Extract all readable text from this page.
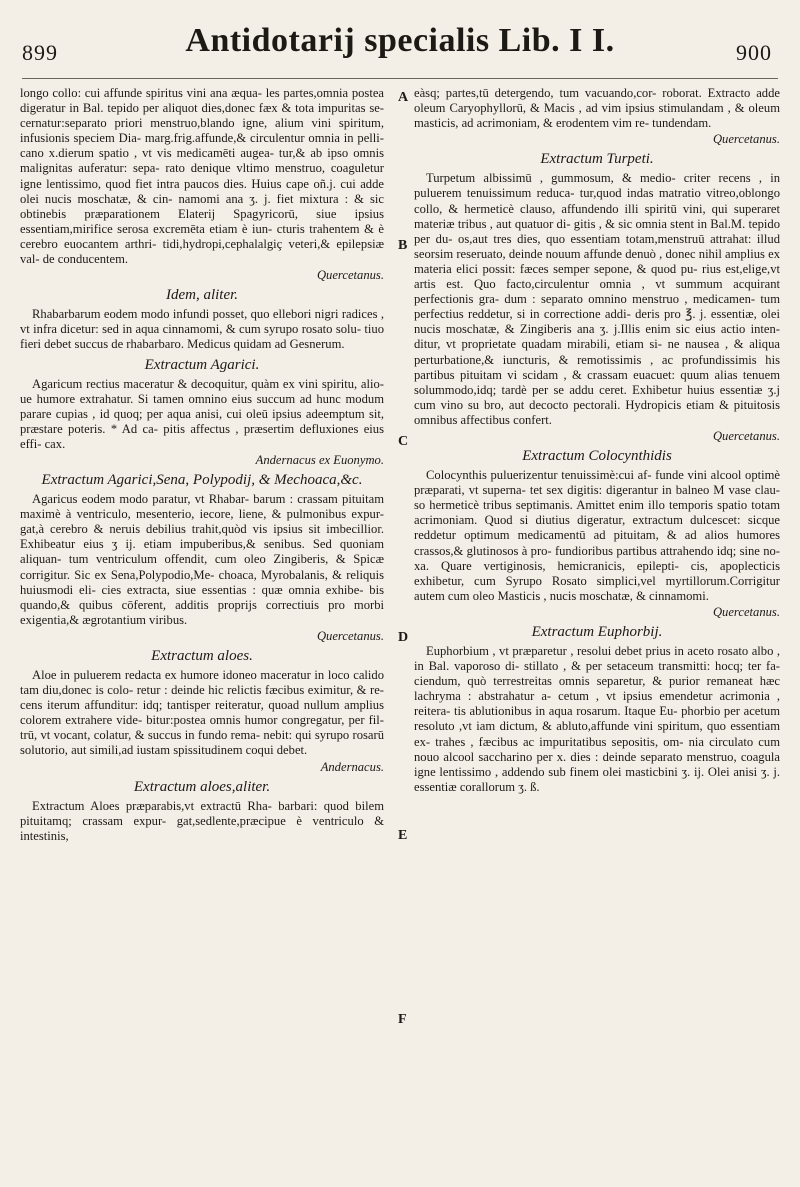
899	Antidotarij specialis Lib. I I.	900
A
B
C
D
E
F

longo collo: cui affunde spiritus vini ana æqua- les partes,omnia postea digeratur in Bal. tepido per aliquot dies,donec fæx & tota impuritas se- cernatur:separato priori menstruo,blando igne, alium vini spiritum, infusionis speciem Dia- marg.frig.affunde,& circulentur omnia in pelli- cano x.dierum spatio , vt vis medicamēti augea- tur,& ab ipso omnis malignitas auferatur: sepa- rato denique vltimo menstruo, coaguletur igne lentissimo, quod fiet intra paucos dies. Huius cape oñ.j. cui adde olei nucis moschatæ, & cin- namomi ana ʒ. j. fiet mixtura : & sic obtinebis præparationem Elaterij Spagyricorū, siue ipsius essentiam,mirifice serosa excremēta etiam è iun- cturis trahentem & è cerebro euocantem arthri- tidi,hydropi,cephalalgiç veteri,& epilepsiæ val- de conducentem.

Quercetanus.
Idem, aliter.

Rhabarbarum eodem modo infundi posset, quo ellebori nigri radices , vt infra dicetur: sed in aqua cinnamomi, & cum syrupo rosato solu- tiuo fieri debet succus de rhabarbaro. Medicus quidam ad Gesnerum.

Extractum Agarici.

Agaricum rectius maceratur & decoquitur, quàm ex vini spiritu, alio-ue humore extrahatur. Si tamen omnino eius succum ad hunc modum parare cupias , id quoq; per aqua anisi, cui oleū ipsius adeemptum sit, præstare poteris. * Ad ca- pitis affectus , præsertim defluxiones eius effi- cax.

Andernacus ex Euonymo.
Extractum Agarici,Sena, Polypodij, & Mechoaca,&c.

Agaricus eodem modo paratur, vt Rhabar- barum : crassam pituitam maximè à ventriculo, mesenterio, iecore, liene, & pulmonibus expur- gat,à cerebro & neruis debilius trahit,quòd vis ipsius sit imbecillior. Exhibeatur eius ʒ ij. etiam impuberibus,& senibus. Sed quoniam aliquan- tum ventriculum offendit, cum oleo Zingiberis, & Spicæ corrigitur. Sic ex Sena,Polypodio,Me- choaca, Myrobalanis, & reliquis huiusmodi eli- cies extracta, siue essentias : quæ omnia exhibe- bis quando,& quibus cōferent, additis proprijs correctiuis pro morbi exigentia,& ægrotantium viribus.

Quercetanus.
Extractum aloes.

Aloe in puluerem redacta ex humore idoneo maceratur in loco calido tam diu,donec is colo- retur : deinde hic relictis fæcibus eximitur, & re- cens iterum affunditur: idq; tantisper reiteratur, quoad nullum amplius colorem extrahere vide- bitur:postea omnis humor congregatur, per fil- trū, vt vocant, colatur, & succus in fundo rema- nebit: qui syrupo rosarū solutorio, aut simili,ad iustam spissitudinem coqui debet.

Andernacus.
Extractum aloes,aliter.

Extractum Aloes præparabis,vt extractū Rha- barbari: quod bilem pituitamq; crassam expur- gat,sedlente,præcipue è ventriculo & intestinis,

eàsq; partes,tū detergendo, tum vacuando,cor- roborat. Extracto adde oleum Caryophyllorū, & Macis , ad vim ipsius stimulandam , & oleum masticis, ad acrimoniam, & erodentem vim re- tundendam.

Quercetanus.
Extractum Turpeti.

Turpetum albissimū , gummosum, & medio- criter recens , in puluerem tenuissimum reduca- tur,quod indas matratio vitreo,oblongo collo, & hermeticè clauso, affundendo illi spiritū vini, qui superaret materiæ tribus , aut quatuor di- gitis , & sic omnia stent in Bal.M. tepido per du- os,aut tres dies, quo essentiam totam,menstruū attrahat: illud seorsim reseruato, deinde nouum affunde denuò , donec nihil amplius ex materia elici possit: fæces semper sepone, & quod pu- rius est,elige,vt artis est. Quo facto,circulentur omnia , vt summum acquirant perfectionis gra- dum : separato omnino menstruo , medicamen- tum perfectius reddetur, si in correctione addi- deris pro ℥. j. essentiæ, olei nucis moschatæ, & Zingiberis ana ʒ. j.Illis enim sic eius actio inten- ditur, vt proprietate quadam mirabili, etiam si- ne nausea , & aliqua perturbatione,& iuncturis, & remotissimis , ac profundissimis his partibus pituitam vi scidam , & crassam euacuet: quum alias tenuem solummodo,idq; tardè per se addu ceret. Exhibetur huius essentiæ ʒ.j cum vino su bro, aut decocto pectorali. Hydropicis etiam & pituitosis omnibus affectibus confert.

Quercetanus.
Extractum Colocynthidis

Colocynthis puluerizentur tenuissimè:cui af- funde vini alcool optimè præparati, vt superna- tet sex digitis: digerantur in balneo M vase clau- so hermeticè tribus septimanis. Amittet enim illo temporis spatio totam acrimoniam. Quod si diutius digeratur, extractum dulcescet: sicque reddetur optimum medicamentū ad pituitam, & ad alios humores crassos,& glutinosos à pro- fundioribus partibus attrahendo idq; sine no- xa. Quare vertiginosis, hemicranicis, epilepti- cis, apoplecticis exhibetur, cum Syrupo Rosato simplici,vel myrtillorum.Corrigitur autem cum oleo Masticis , nucis moschatæ, & cinnamomi.

Quercetanus.
Extractum Euphorbij.

Euphorbium , vt præparetur , resolui debet prius in aceto rosato albo , in Bal. vaporoso di- stillato , & per setaceum transmitti: hocq; ter fa- ciendum, quò terrestreitas omnis separetur, & purior remaneat hæc lachryma : abstrahatur a- cetum , vt ipsius emendetur acrimonia , reitera- tis ablutionibus in aqua rosarum. Itaque Eu- phorbio per acetum resoluto ,vt iam dictum, & abluto,affunde vini spiritum, quo essentiam ex- trahes , fæcibus ac impuritatibus sepositis, om- nia circulato cum nouo alcool saccharino per x. dies : deinde separato menstruo, coagula igne lentissimo , addendo sub finem olei masticbini ʒ. ij. Olei anisi ʒ. j. essentiæ corallorum ʒ. ß.
